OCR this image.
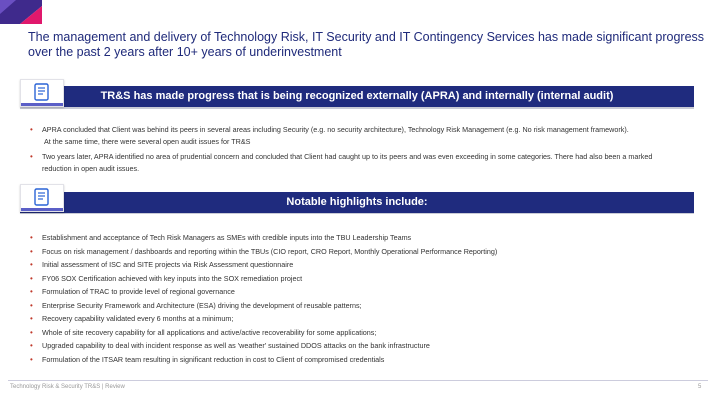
The management and delivery of Technology Risk, IT Security and IT Contingency Services has made significant progress over the past 2 years after 10+ years of underinvestment
TR&S has made progress that is being recognized externally (APRA) and internally (internal audit)
• APRA concluded that Client was behind its peers in several areas including Security (e.g. no security architecture), Technology Risk Management (e.g. No risk management framework).
At the same time, there were several open audit issues for TR&S
• Two years later, APRA identified no area of prudential concern and concluded that Client had caught up to its peers and was even exceeding in some categories. There had also been a marked
reduction in open audit issues.
Notable highlights include:
• Establishment and acceptance of Tech Risk Managers as SMEs with credible inputs into the TBU Leadership Teams
• Focus on risk management / dashboards and reporting within the TBUs (CIO report, CRO Report, Monthly Operational Performance Reporting)
• Initial assessment of ISC and SITE projects via Risk Assessment questionnaire
• FY06 SOX Certification achieved with key inputs into the SOX remediation project
• Formulation of TRAC to provide level of regional governance
• Enterprise Security Framework and Architecture (ESA) driving the development of reusable patterns;
• Recovery capability validated every 6 months at a minimum;
• Whole of site recovery capability for all applications and active/active recoverability for some applications;
• Upgraded capability to deal with incident response as well as 'weather' sustained DDOS attacks on the bank infrastructure
• Formulation of the ITSAR team resulting in significant reduction in cost to Client of compromised credentials
Technology Risk & Security TR&S | Review	5
